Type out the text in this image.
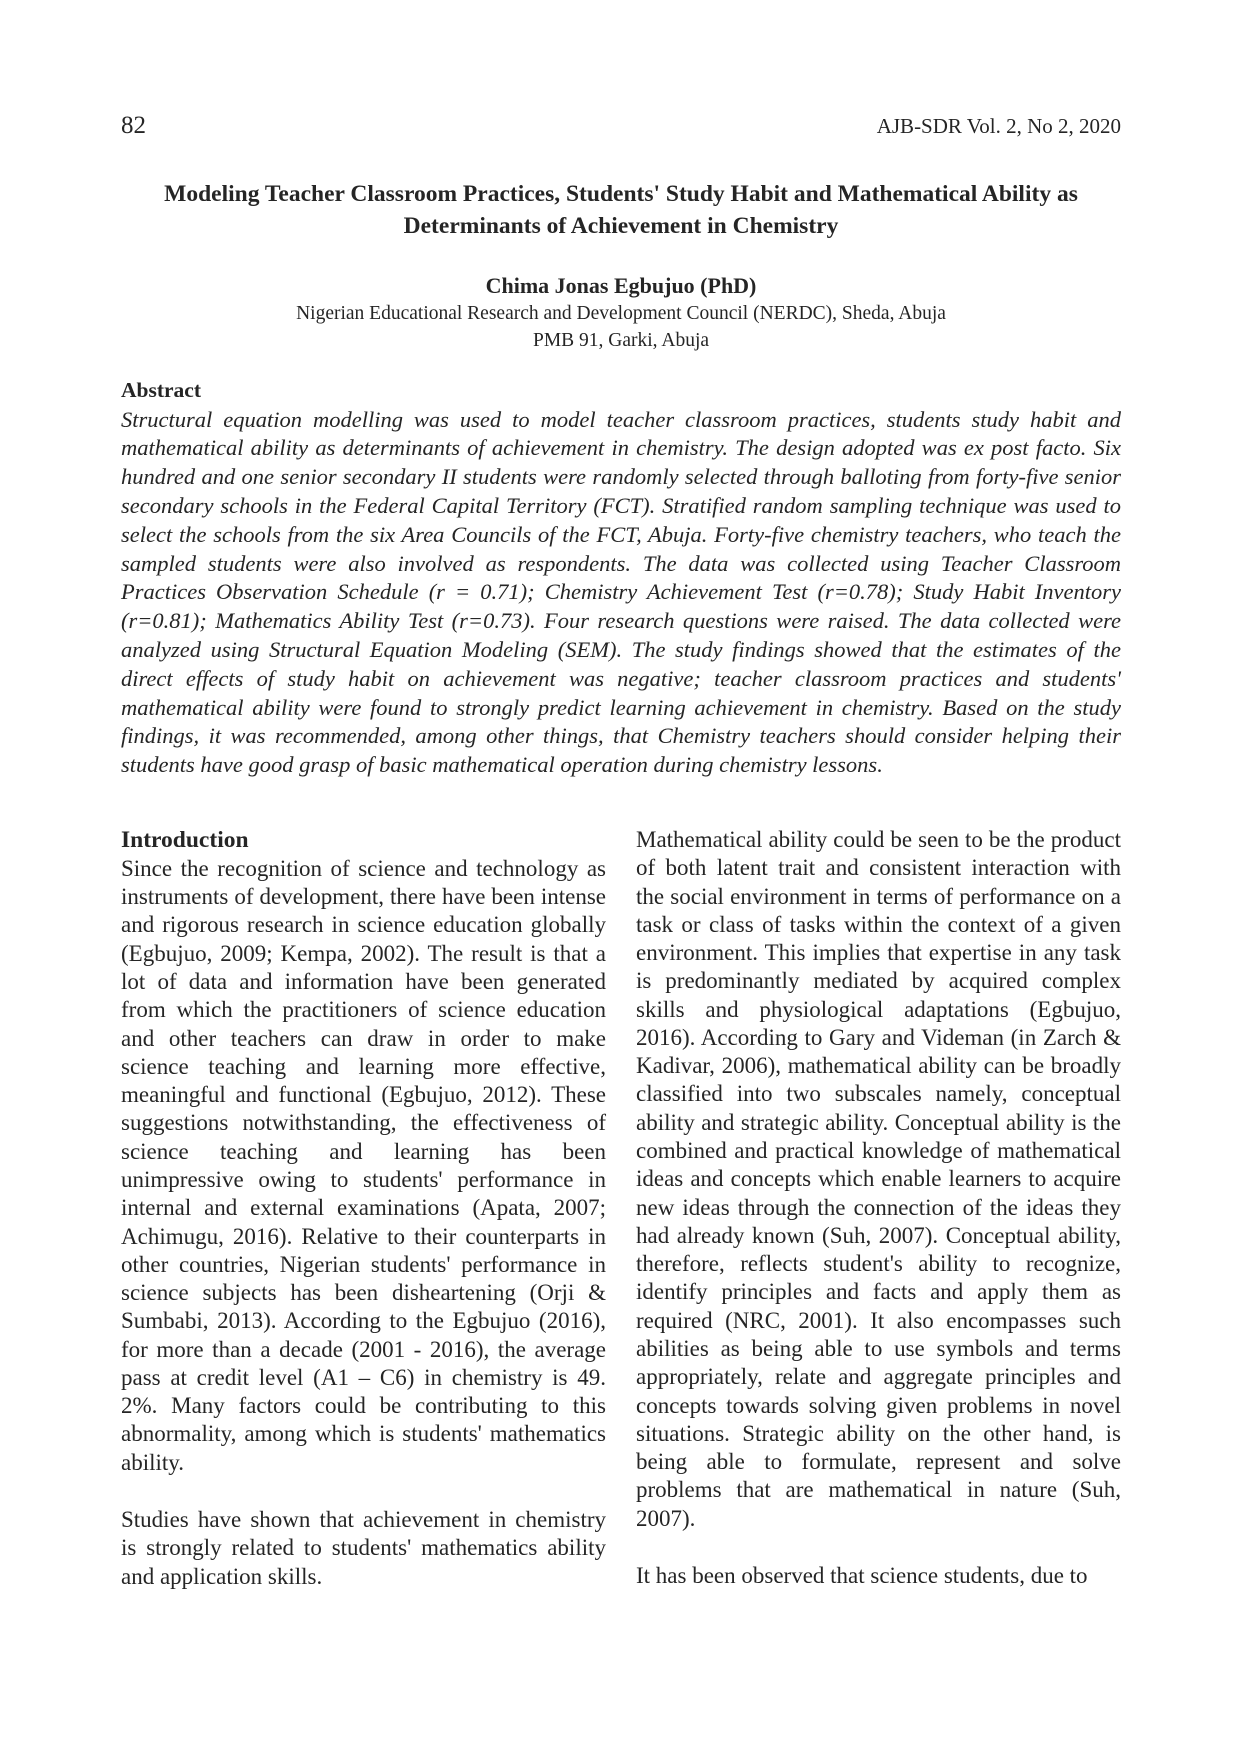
82	AJB-SDR Vol. 2, No 2, 2020
Modeling Teacher Classroom Practices, Students' Study Habit and Mathematical Ability as
Determinants of Achievement in Chemistry
Chima Jonas Egbujuo (PhD)

Nigerian Educational Research and Development Council (NERDC), Sheda, Abuja

PMB 91, Garki, Abuja

Abstract

Structural equation modelling was used to model teacher classroom practices, students study habit and mathematical ability as determinants of achievement in chemistry. The design adopted was ex post facto. Six hundred and one senior secondary II students were randomly selected through balloting from forty-five senior secondary schools in the Federal Capital Territory (FCT). Stratified random sampling technique was used to select the schools from the six Area Councils of the FCT, Abuja. Forty-five chemistry teachers, who teach the sampled students were also involved as respondents. The data was collected using Teacher Classroom Practices Observation Schedule (r = 0.71); Chemistry Achievement Test (r=0.78); Study Habit Inventory (r=0.81); Mathematics Ability Test (r=0.73). Four research questions were raised. The data collected were analyzed using Structural Equation Modeling (SEM). The study findings showed that the estimates of the direct effects of study habit on achievement was negative; teacher classroom practices and students' mathematical ability were found to strongly predict learning achievement in chemistry. Based on the study findings, it was recommended, among other things, that Chemistry teachers should consider helping their students have good grasp of basic mathematical operation during chemistry lessons.

Introduction

Since the recognition of science and technology as instruments of development, there have been intense and rigorous research in science education globally (Egbujuo, 2009; Kempa, 2002). The result is that a lot of data and information have been generated from which the practitioners of science education and other teachers can draw in order to make science teaching and learning more effective, meaningful and functional (Egbujuo, 2012). These suggestions notwithstanding, the effectiveness of science teaching and learning has been unimpressive owing to students' performance in internal and external examinations (Apata, 2007; Achimugu, 2016). Relative to their counterparts in other countries, Nigerian students' performance in science subjects has been disheartening (Orji & Sumbabi, 2013). According to the Egbujuo (2016), for more than a decade (2001 - 2016), the average pass at credit level (A1 – C6) in chemistry is 49. 2%. Many factors could be contributing to this abnormality, among which is students' mathematics ability.

Studies have shown that achievement in chemistry is strongly related to students' mathematics ability and application skills.

Mathematical ability could be seen to be the product of both latent trait and consistent interaction with the social environment in terms of performance on a task or class of tasks within the context of a given environment. This implies that expertise in any task is predominantly mediated by acquired complex skills and physiological adaptations (Egbujuo, 2016). According to Gary and Videman (in Zarch & Kadivar, 2006), mathematical ability can be broadly classified into two subscales namely, conceptual ability and strategic ability. Conceptual ability is the combined and practical knowledge of mathematical ideas and concepts which enable learners to acquire new ideas through the connection of the ideas they had already known (Suh, 2007). Conceptual ability, therefore, reflects student's ability to recognize, identify principles and facts and apply them as required (NRC, 2001). It also encompasses such abilities as being able to use symbols and terms appropriately, relate and aggregate principles and concepts towards solving given problems in novel situations. Strategic ability on the other hand, is being able to formulate, represent and solve problems that are mathematical in nature (Suh, 2007).

It has been observed that science students, due to
